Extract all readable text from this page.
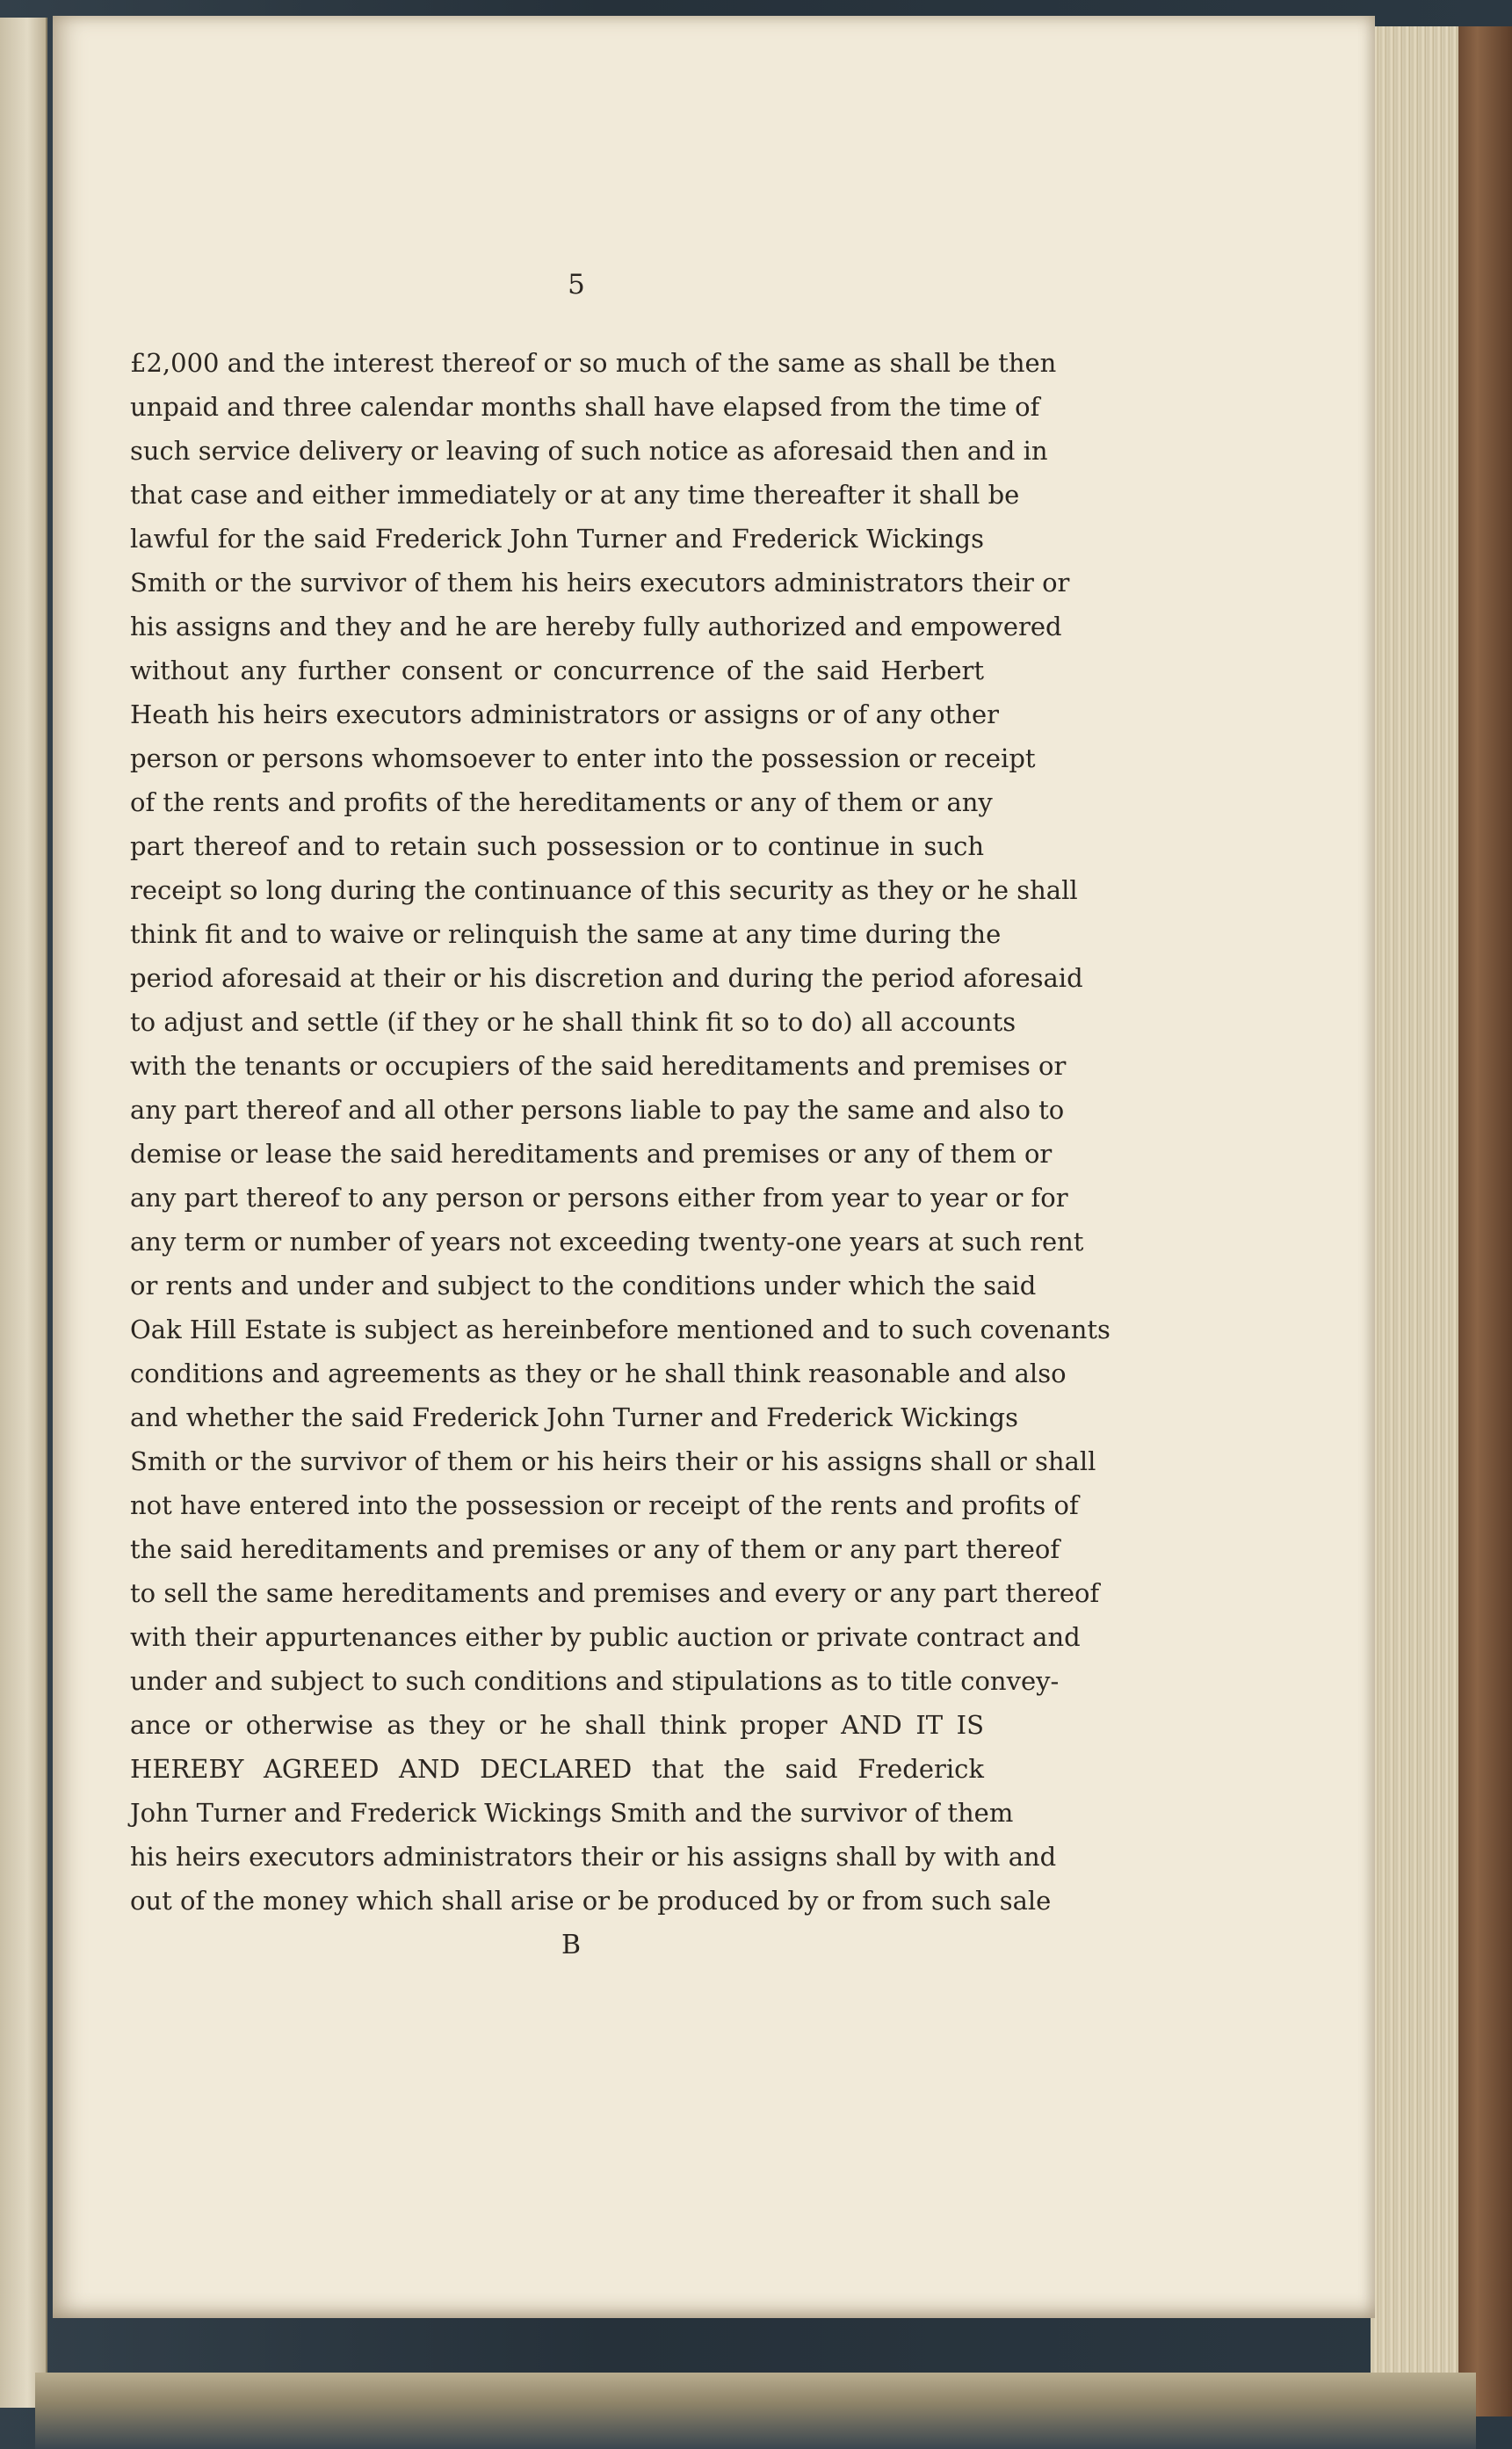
5
£2,000 and the interest thereof or so much of the same as shall be then
unpaid and three calendar months shall have elapsed from the time of
such service delivery or leaving of such notice as aforesaid then and in
that case and either immediately or at any time thereafter it shall be
lawful for the said Frederick John Turner and Frederick Wickings
Smith or the survivor of them his heirs executors administrators their or
his assigns and they and he are hereby fully authorized and empowered
without any further consent or concurrence of the said Herbert
Heath his heirs executors administrators or assigns or of any other
person or persons whomsoever to enter into the possession or receipt
of the rents and profits of the hereditaments or any of them or any
part thereof and to retain such possession or to continue in such
receipt so long during the continuance of this security as they or he shall
think fit and to waive or relinquish the same at any time during the
period aforesaid at their or his discretion and during the period aforesaid
to adjust and settle (if they or he shall think fit so to do) all accounts
with the tenants or occupiers of the said hereditaments and premises or
any part thereof and all other persons liable to pay the same and also to
demise or lease the said hereditaments and premises or any of them or
any part thereof to any person or persons either from year to year or for
any term or number of years not exceeding twenty-one years at such rent
or rents and under and subject to the conditions under which the said
Oak Hill Estate is subject as hereinbefore mentioned and to such covenants
conditions and agreements as they or he shall think reasonable and also
and whether the said Frederick John Turner and Frederick Wickings
Smith or the survivor of them or his heirs their or his assigns shall or shall
not have entered into the possession or receipt of the rents and profits of
the said hereditaments and premises or any of them or any part thereof
to sell the same hereditaments and premises and every or any part thereof
with their appurtenances either by public auction or private contract and
under and subject to such conditions and stipulations as to title convey-
ance or otherwise as they or he shall think proper AND IT IS
HEREBY AGREED AND DECLARED that the said Frederick
John Turner and Frederick Wickings Smith and the survivor of them
his heirs executors administrators their or his assigns shall by with and
out of the money which shall arise or be produced by or from such sale
B
